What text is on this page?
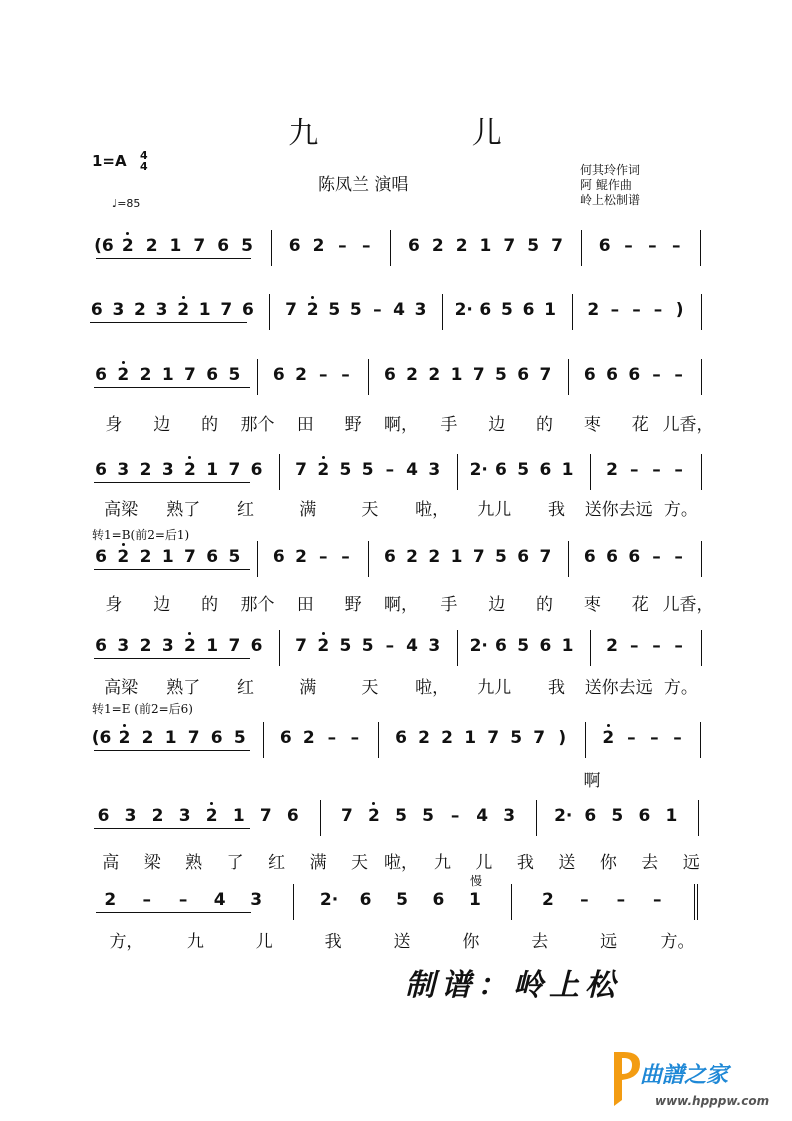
九	儿
1=A 4
4
♩=85
陈凤兰 演唱
何其玲作词
阿 鲲作曲
岭上松制谱
转1=B(前2=后1)
转1=E (前2=后6)
慢
(6 2 2 1 7 6 5 6 2 – – 6 2 2 1 7 5 7 6 – – –
6 3 2 3 2 1 7 6 7 2 5 5 – 4 3 2· 6 5 6 1 2 – – – )
6 2 2 1 7 6 5 6 2 – – 6 2 2 1 7 5 6 7 6 6 6 – –
身 边 的 那个 田 野 啊， 手 边 的 枣 花 儿香，
6 3 2 3 2 1 7 6 7 2 5 5 – 4 3 2· 6 5 6 1 2 – – –
高梁 熟了 红	满	天 啦， 九儿 我 送你去远 方。
6 2 2 1 7 6 5 6 2 – – 6 2 2 1 7 5 6 7 6 6 6 – –
身 边 的 那个 田 野 啊， 手 边 的 枣 花 儿香，
6 3 2 3 2 1 7 6 7 2 5 5 – 4 3 2· 6 5 6 1 2 – – –
高梁 熟了 红	满	天 啦， 九儿 我 送你去远 方。
(6 2 2 1 7 6 5 6 2 – – 6 2 2 1 7 5 7 ) 2 – – –
啊
6 3 2 3 2 1 7 6 7 2 5 5 – 4 3 2· 6 5 6 1
高 梁 熟 了 红 满 天 啦， 九 儿 我 送 你 去 远
2 – – 4 3	2· 6 5 6 1	2 – – –
方，	九	儿	我	送	你	去	远	方。
制谱：岭上松
曲譜之家
www.hpppw.com
